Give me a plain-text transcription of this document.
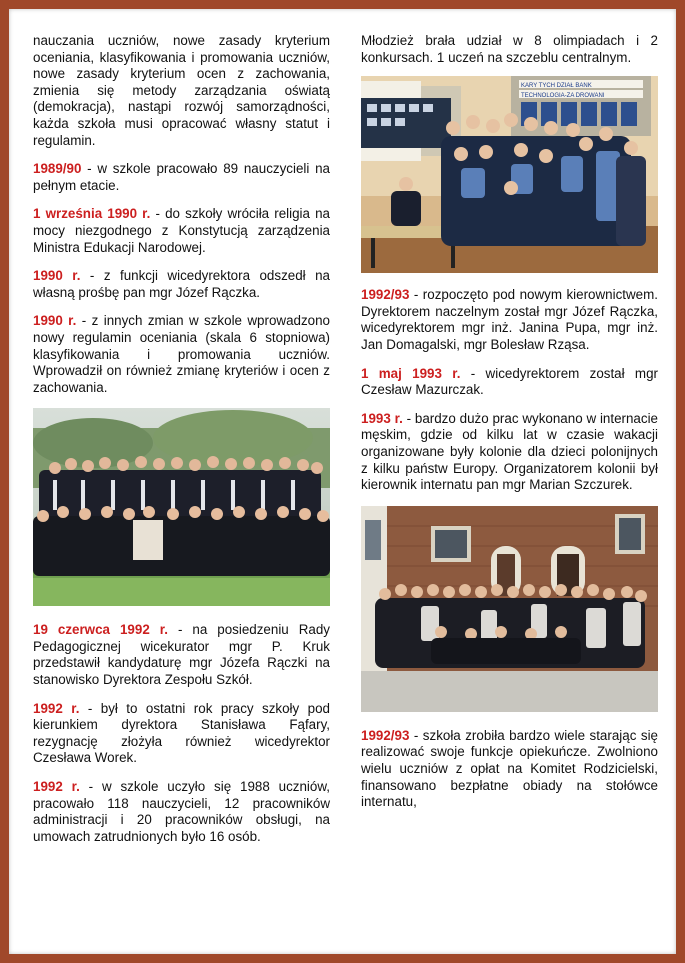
nauczania uczniów, nowe zasady kryterium oceniania, klasyfikowania i promowania uczniów, nowe zasady kryterium ocen z zachowania, zmienia się metody zarządzania oświatą (demokracja), nastąpi rozwój samorządności, każda szkoła musi opracować własny statut i regulamin.

1989/90 - w szkole pracowało 89 nauczycieli na pełnym etacie.

1 września 1990 r. - do szkoły wróciła religia na mocy niezgodnego z Konstytucją zarządzenia Ministra Edukacji Narodowej.

1990 r. - z funkcji wicedyrektora odszedł na własną prośbę pan mgr Józef Rączka.

1990 r. - z innych zmian w szkole wprowadzono nowy regulamin oceniania (skala 6 stopniowa) klasyfikowania i promowania uczniów. Wprowadził on również zmianę kryteriów i ocen z zachowania.

19 czerwca 1992 r. - na posiedzeniu Rady Pedagogicznej wicekurator mgr P. Kruk przedstawił kandydaturę mgr Józefa Rączki na stanowisko Dyrektora Zespołu Szkół.

1992 r. - był to ostatni rok pracy szkoły pod kierunkiem dyrektora Stanisława Fąfary, rezygnację złożyła również wicedyrektor Czesława Worek.

1992 r. - w szkole uczyło się 1988 uczniów, pracowało 118 nauczycieli, 12 pracowników administracji i 20 pracowników obsługi, na umowach zatrudnionych było 16 osób.

Młodzież brała udział w 8 olimpiadach i 2 konkursach. 1 uczeń na szczeblu centralnym.

KARY TYCH DZIAŁ BANK
TECHNOLOGIA-ZA DROWANI

1992/93 - rozpoczęto pod nowym kierownictwem. Dyrektorem naczelnym został mgr Józef Rączka, wicedyrektorem mgr inż. Janina Pupa, mgr inż. Jan Domagalski, mgr Bolesław Rząsa.

1 maj 1993 r. - wicedyrektorem został mgr Czesław Mazurczak.

1993 r. - bardzo dużo prac wykonano w internacie męskim, gdzie od kilku lat w czasie wakacji organizowane były kolonie dla dzieci polonijnych z kilku państw Europy. Organizatorem kolonii był kierownik internatu pan mgr Marian Szczurek.

1992/93 - szkoła zrobiła bardzo wiele starając się realizować swoje funkcje opiekuńcze. Zwolniono wielu uczniów z opłat na Komitet Rodzicielski, finansowano bezpłatne obiady na stołówce internatu,
